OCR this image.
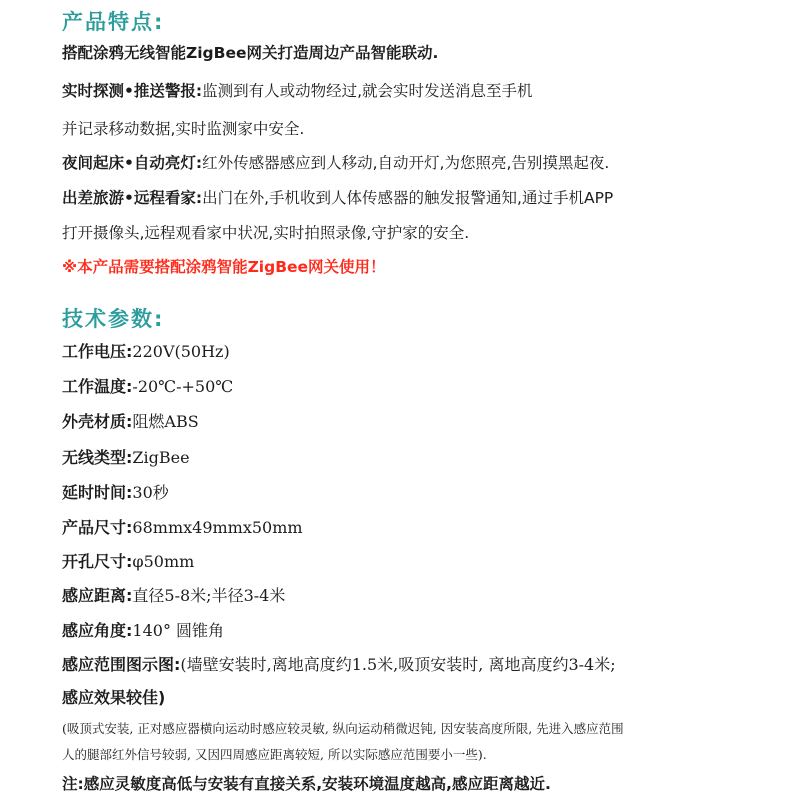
产品特点:
搭配涂鸦无线智能ZigBee网关打造周边产品智能联动.
实时探测•推送警报:监测到有人或动物经过,就会实时发送消息至手机
并记录移动数据,实时监测家中安全.
夜间起床•自动亮灯:红外传感器感应到人移动,自动开灯,为您照亮,告别摸黑起夜.
出差旅游•远程看家:出门在外,手机收到人体传感器的触发报警通知,通过手机APP
打开摄像头,远程观看家中状况,实时拍照录像,守护家的安全.
※本产品需要搭配涂鸦智能ZigBee网关使用！
技术参数:
工作电压:220V(50Hz)
工作温度:-20℃-+50℃
外壳材质:阻燃ABS
无线类型:ZigBee
延时时间:30秒
产品尺寸:68mmx49mmx50mm
开孔尺寸:φ50mm
感应距离:直径5-8米;半径3-4米
感应角度:140° 圆锥角
感应范围图示图:(墙壁安装时,离地高度约1.5米,吸顶安装时, 离地高度约3-4米;
感应效果较佳)
(吸顶式安装, 正对感应器横向运动时感应较灵敏, 纵向运动稍微迟钝, 因安装高度所限, 先进入感应范围
人的腿部红外信号较弱, 又因四周感应距离较短, 所以实际感应范围要小一些).
注:感应灵敏度高低与安装有直接关系,安装环境温度越高,感应距离越近.
